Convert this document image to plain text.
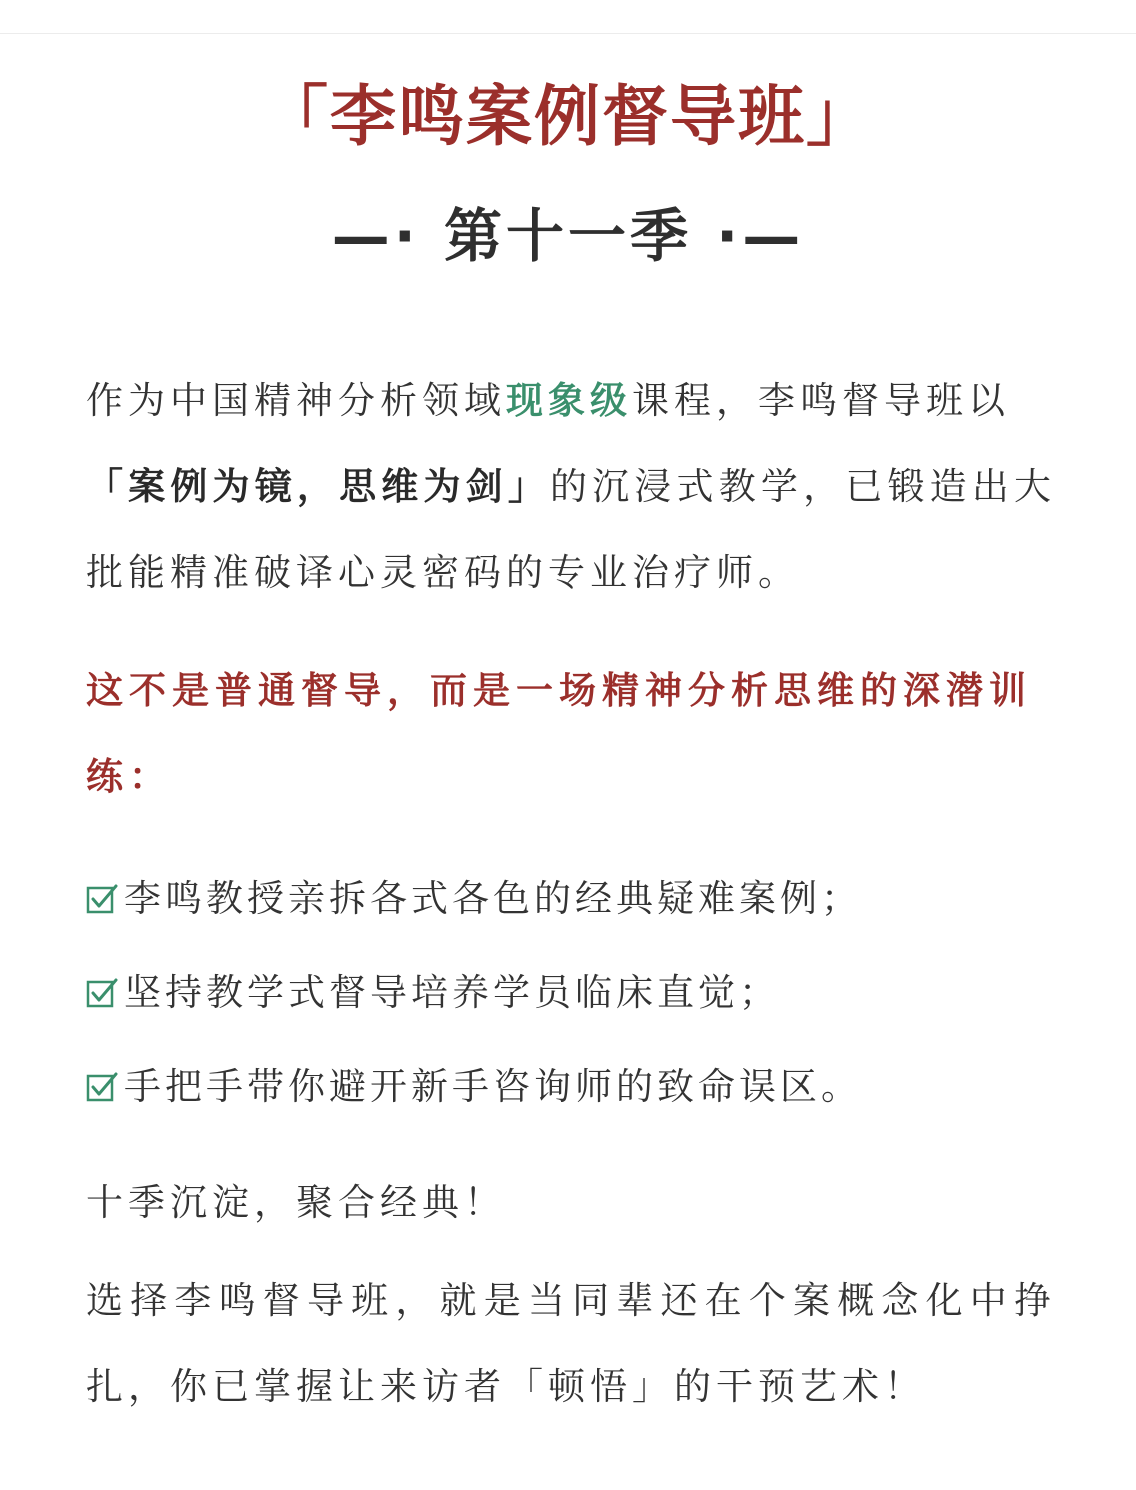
「李鸣案例督导班」
—· 第十一季 ·—
作为中国精神分析领域现象级课程，李鸣督导班以
「案例为镜，思维为剑」的沉浸式教学，已锻造出大批能精准破译心灵密码的专业治疗师。
这不是普通督导，而是一场精神分析思维的深潜训练：
李鸣教授亲拆各式各色的经典疑难案例；
坚持教学式督导培养学员临床直觉；
手把手带你避开新手咨询师的致命误区。
十季沉淀，聚合经典！
选择李鸣督导班，就是当同辈还在个案概念化中挣扎，你已掌握让来访者「顿悟」的干预艺术！
